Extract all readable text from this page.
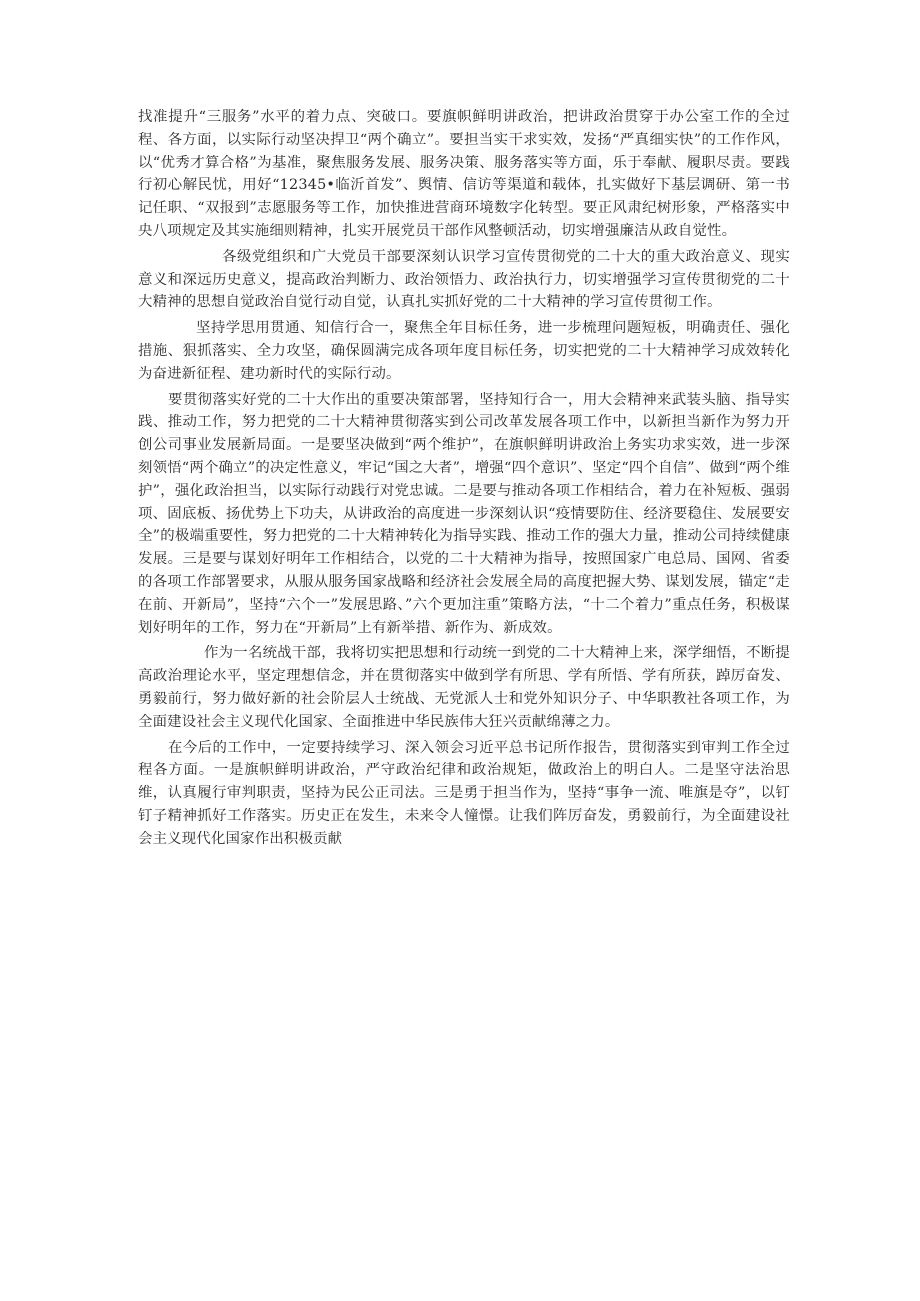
找准提升“三服务”水平的着力点、突破口。要旗帜鲜明讲政治，把讲政治贯穿于办公室工作的全过程、各方面，以实际行动坚决捍卫“两个确立”。要担当实干求实效，发扬“严真细实快”的工作作风，以“优秀才算合格”为基准，聚焦服务发展、服务决策、服务落实等方面，乐于奉献、履职尽责。要践行初心解民忧，用好“12345•临沂首发”、舆情、信访等渠道和载体，扎实做好下基层调研、第一书记任职、“双报到”志愿服务等工作，加快推进营商环境数字化转型。要正风肃纪树形象，严格落实中央八项规定及其实施细则精神，扎实开展党员干部作风整顿活动，切实增强廉洁从政自觉性。

各级党组织和广大党员干部要深刻认识学习宣传贯彻党的二十大的重大政治意义、现实意义和深远历史意义，提高政治判断力、政治领悟力、政治执行力，切实增强学习宣传贯彻党的二十大精神的思想自觉政治自觉行动自觉，认真扎实抓好党的二十大精神的学习宣传贯彻工作。

坚持学思用贯通、知信行合一，聚焦全年目标任务，进一步梳理问题短板，明确责任、强化措施、狠抓落实、全力攻坚，确保圆满完成各项年度目标任务，切实把党的二十大精神学习成效转化为奋进新征程、建功新时代的实际行动。

要贯彻落实好党的二十大作出的重要决策部署，坚持知行合一，用大会精神来武装头脑、指导实践、推动工作，努力把党的二十大精神贯彻落实到公司改革发展各项工作中，以新担当新作为努力开创公司事业发展新局面。一是要坚决做到“两个维护”，在旗帜鲜明讲政治上务实功求实效，进一步深刻领悟“两个确立”的决定性意义，牢记“国之大者”，增强“四个意识”、坚定“四个自信”、做到“两个维护”，强化政治担当，以实际行动践行对党忠诚。二是要与推动各项工作相结合，着力在补短板、强弱项、固底板、扬优势上下功夫，从讲政治的高度进一步深刻认识“疫情要防住、经济要稳住、发展要安全”的极端重要性，努力把党的二十大精神转化为指导实践、推动工作的强大力量，推动公司持续健康发展。三是要与谋划好明年工作相结合，以党的二十大精神为指导，按照国家广电总局、国网、省委的各项工作部署要求，从服从服务国家战略和经济社会发展全局的高度把握大势、谋划发展，锚定“走在前、开新局”，坚持“六个一”发展思路、”六个更加注重”策略方法，“十二个着力”重点任务，积极谋划好明年的工作，努力在“开新局”上有新举措、新作为、新成效。

作为一名统战干部，我将切实把思想和行动统一到党的二十大精神上来，深学细悟，不断提高政治理论水平，坚定理想信念，并在贯彻落实中做到学有所思、学有所悟、学有所获，踔厉奋发、勇毅前行，努力做好新的社会阶层人士统战、无党派人士和党外知识分子、中华职教社各项工作，为全面建设社会主义现代化国家、全面推进中华民族伟大狂兴贡献绵薄之力。

在今后的工作中，一定要持续学习、深入领会习近平总书记所作报告，贯彻落实到审判工作全过程各方面。一是旗帜鲜明讲政治，严守政治纪律和政治规矩，做政治上的明白人。二是坚守法治思维，认真履行审判职责，坚持为民公正司法。三是勇于担当作为，坚持“事争一流、唯旗是夺”，以钉钉子精神抓好工作落实。历史正在发生，未来令人憧憬。让我们阵厉奋发，勇毅前行，为全面建设社会主义现代化国家作出积极贡献
